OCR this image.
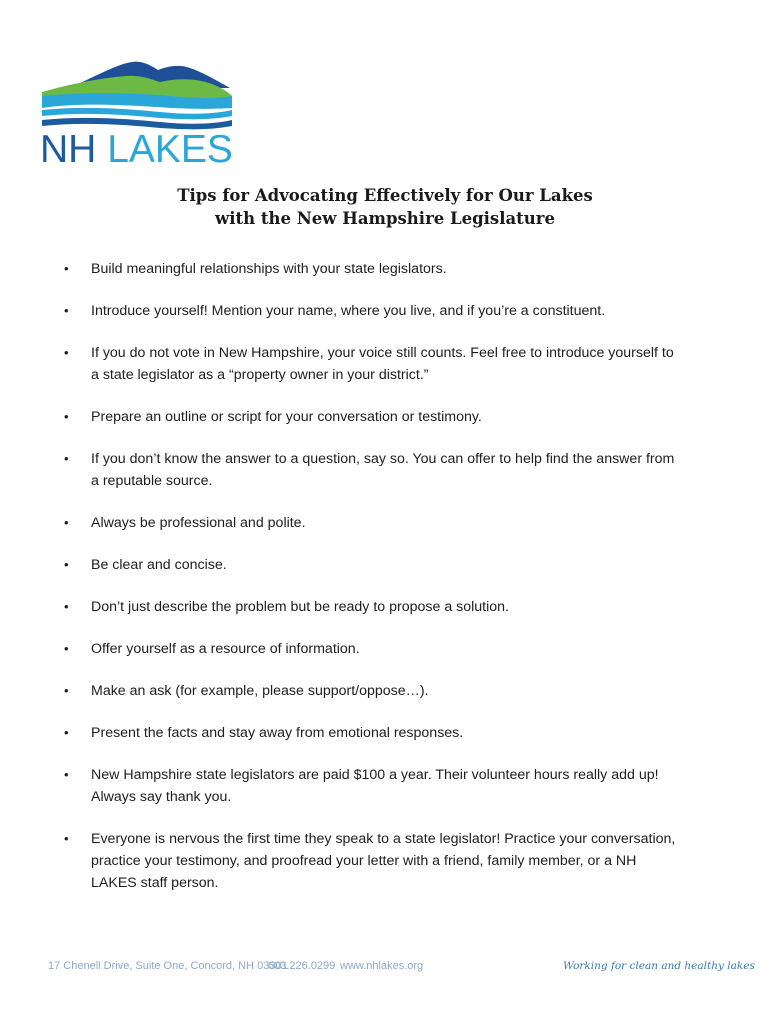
NH LAKES
Tips for Advocating Effectively for Our Lakes
with the New Hampshire Legislature
• Build meaningful relationships with your state legislators.
• Introduce yourself! Mention your name, where you live, and if you’re a constituent.
• If you do not vote in New Hampshire, your voice still counts. Feel free to introduce yourself to
a state legislator as a “property owner in your district.”
• Prepare an outline or script for your conversation or testimony.
• If you don’t know the answer to a question, say so. You can offer to help find the answer from
a reputable source.
• Always be professional and polite.
• Be clear and concise.
• Don’t just describe the problem but be ready to propose a solution.
• Offer yourself as a resource of information.
• Make an ask (for example, please support/oppose…).
• Present the facts and stay away from emotional responses.
• New Hampshire state legislators are paid $100 a year. Their volunteer hours really add up!
Always say thank you.
• Everyone is nervous the first time they speak to a state legislator! Practice your conversation,
practice your testimony, and proofread your letter with a friend, family member, or a NH
LAKES staff person.
17 Chenell Drive, Suite One, Concord, NH 03301
603.226.0299 www.nhlakes.org	Working for clean and healthy lakes
